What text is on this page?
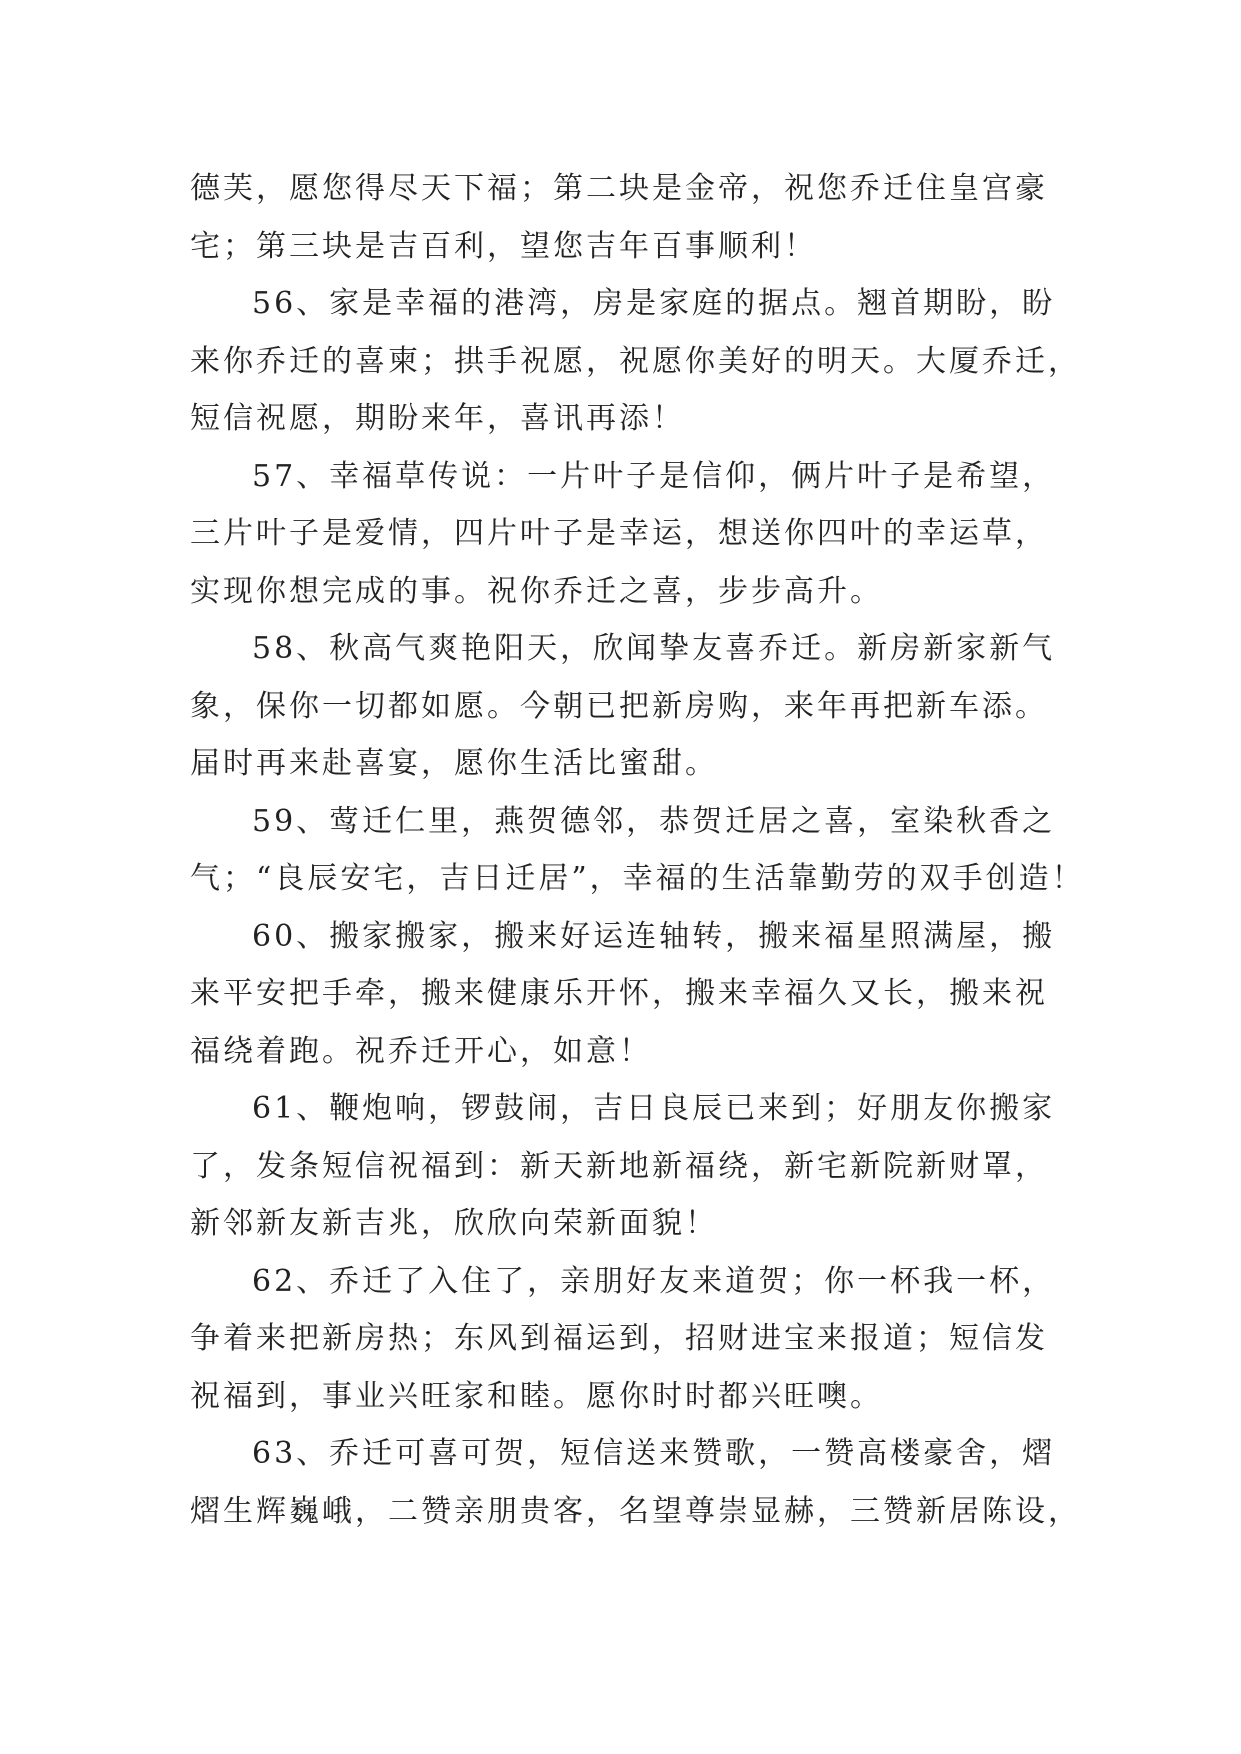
德芙，愿您得尽天下福；第二块是金帝，祝您乔迁住皇宫豪
宅；第三块是吉百利，望您吉年百事顺利！

56、家是幸福的港湾，房是家庭的据点。翘首期盼，盼
来你乔迁的喜柬；拱手祝愿，祝愿你美好的明天。大厦乔迁，
短信祝愿，期盼来年，喜讯再添！

57、幸福草传说：一片叶子是信仰，俩片叶子是希望，
三片叶子是爱情，四片叶子是幸运，想送你四叶的幸运草，
实现你想完成的事。祝你乔迁之喜，步步高升。

58、秋高气爽艳阳天，欣闻挚友喜乔迁。新房新家新气
象，保你一切都如愿。今朝已把新房购，来年再把新车添。
届时再来赴喜宴，愿你生活比蜜甜。

59、莺迁仁里，燕贺德邻，恭贺迁居之喜，室染秋香之
气；“良辰安宅，吉日迁居”，幸福的生活靠勤劳的双手创造！

60、搬家搬家，搬来好运连轴转，搬来福星照满屋，搬
来平安把手牵，搬来健康乐开怀，搬来幸福久又长，搬来祝
福绕着跑。祝乔迁开心，如意！

61、鞭炮响，锣鼓闹，吉日良辰已来到；好朋友你搬家
了，发条短信祝福到：新天新地新福绕，新宅新院新财罩，
新邻新友新吉兆，欣欣向荣新面貌！

62、乔迁了入住了，亲朋好友来道贺；你一杯我一杯，
争着来把新房热；东风到福运到，招财进宝来报道；短信发
祝福到，事业兴旺家和睦。愿你时时都兴旺噢。

63、乔迁可喜可贺，短信送来赞歌，一赞高楼豪舍，熠
熠生辉巍峨，二赞亲朋贵客，名望尊崇显赫，三赞新居陈设，
